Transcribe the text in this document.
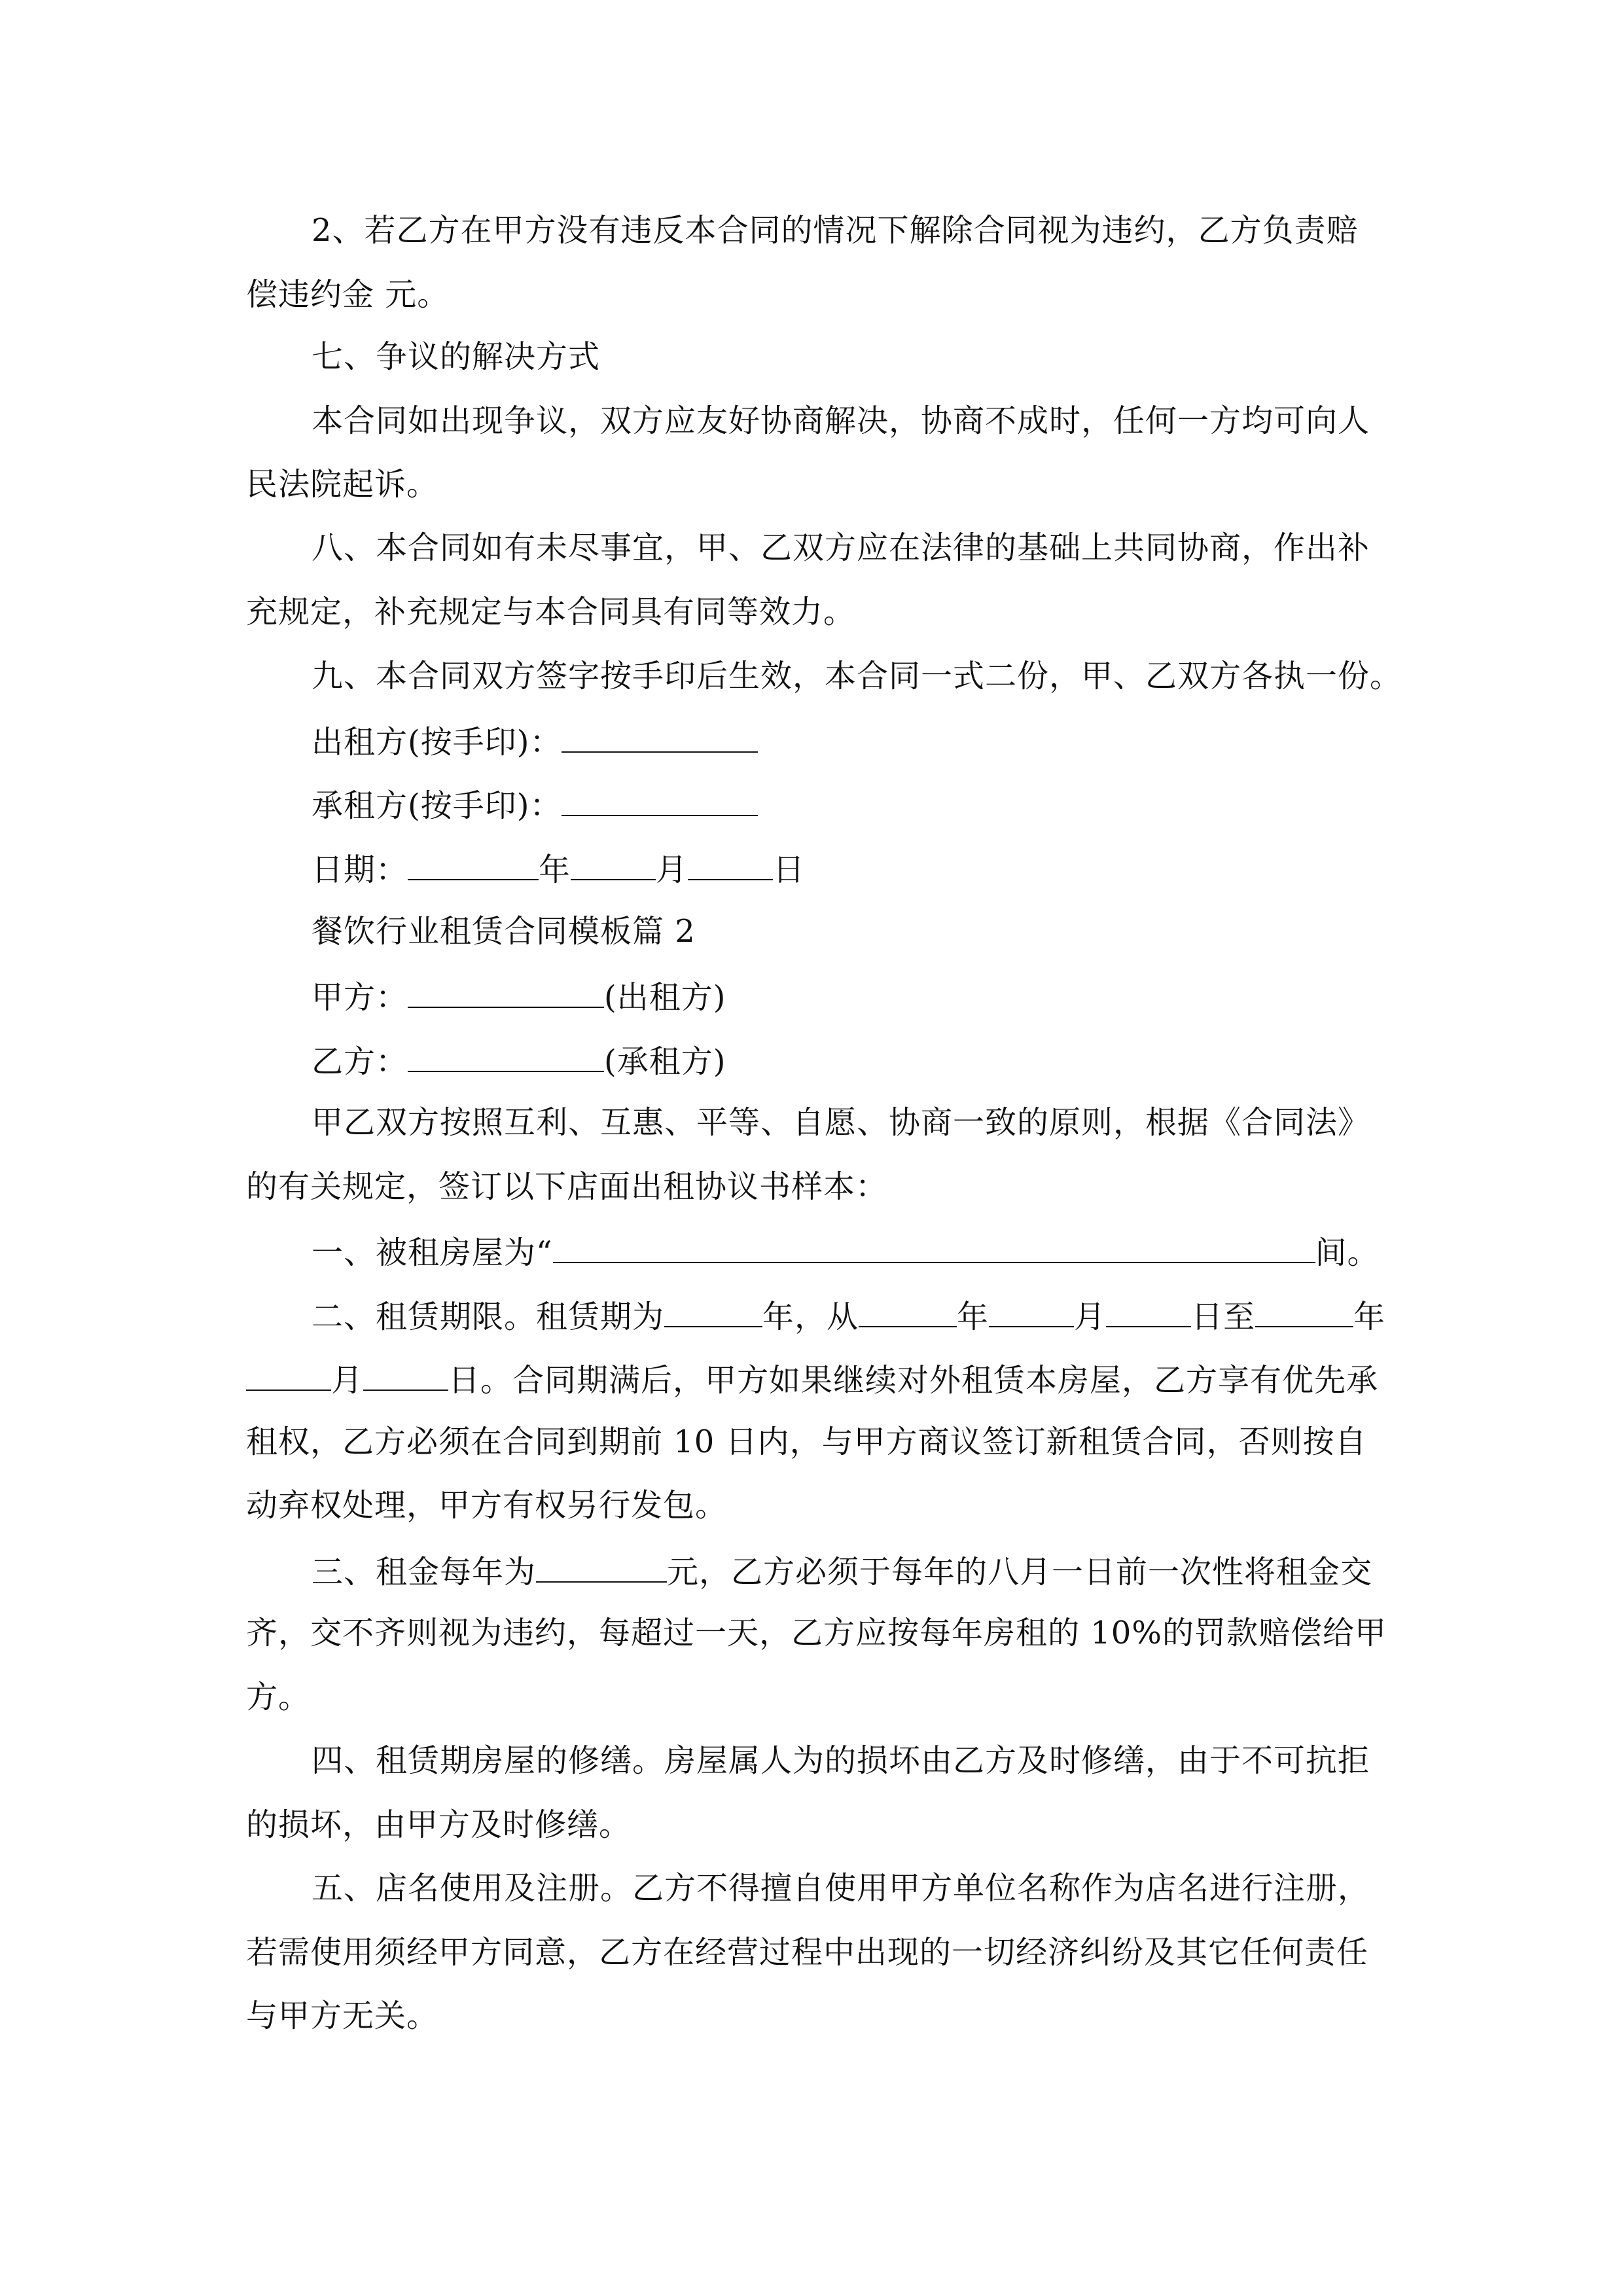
2、若乙方在甲方没有违反本合同的情况下解除合同视为违约，乙方负责赔
偿违约金 元。
七、争议的解决方式
本合同如出现争议，双方应友好协商解决，协商不成时，任何一方均可向人
民法院起诉。
八、本合同如有未尽事宜，甲、乙双方应在法律的基础上共同协商，作出补
充规定，补充规定与本合同具有同等效力。
九、本合同双方签字按手印后生效，本合同一式二份，甲、乙双方各执一份。
出租方(按手印)：
承租方(按手印)：
日期：	年	月	日
餐饮行业租赁合同模板篇 2
甲方：	(出租方)
乙方：	(承租方)
甲乙双方按照互利、互惠、平等、自愿、协商一致的原则，根据《合同法》
的有关规定，签订以下店面出租协议书样本：
一、被租房屋为“	间。
二、租赁期限。租赁期为	年，从	年	月	日至	年
月	日。合同期满后，甲方如果继续对外租赁本房屋，乙方享有优先承
租权，乙方必须在合同到期前 10 日内，与甲方商议签订新租赁合同，否则按自
动弃权处理，甲方有权另行发包。
三、租金每年为	元，乙方必须于每年的八月一日前一次性将租金交
齐，交不齐则视为违约，每超过一天，乙方应按每年房租的 10%的罚款赔偿给甲
方。
四、租赁期房屋的修缮。房屋属人为的损坏由乙方及时修缮，由于不可抗拒
的损坏，由甲方及时修缮。
五、店名使用及注册。乙方不得擅自使用甲方单位名称作为店名进行注册，
若需使用须经甲方同意，乙方在经营过程中出现的一切经济纠纷及其它任何责任
与甲方无关。
